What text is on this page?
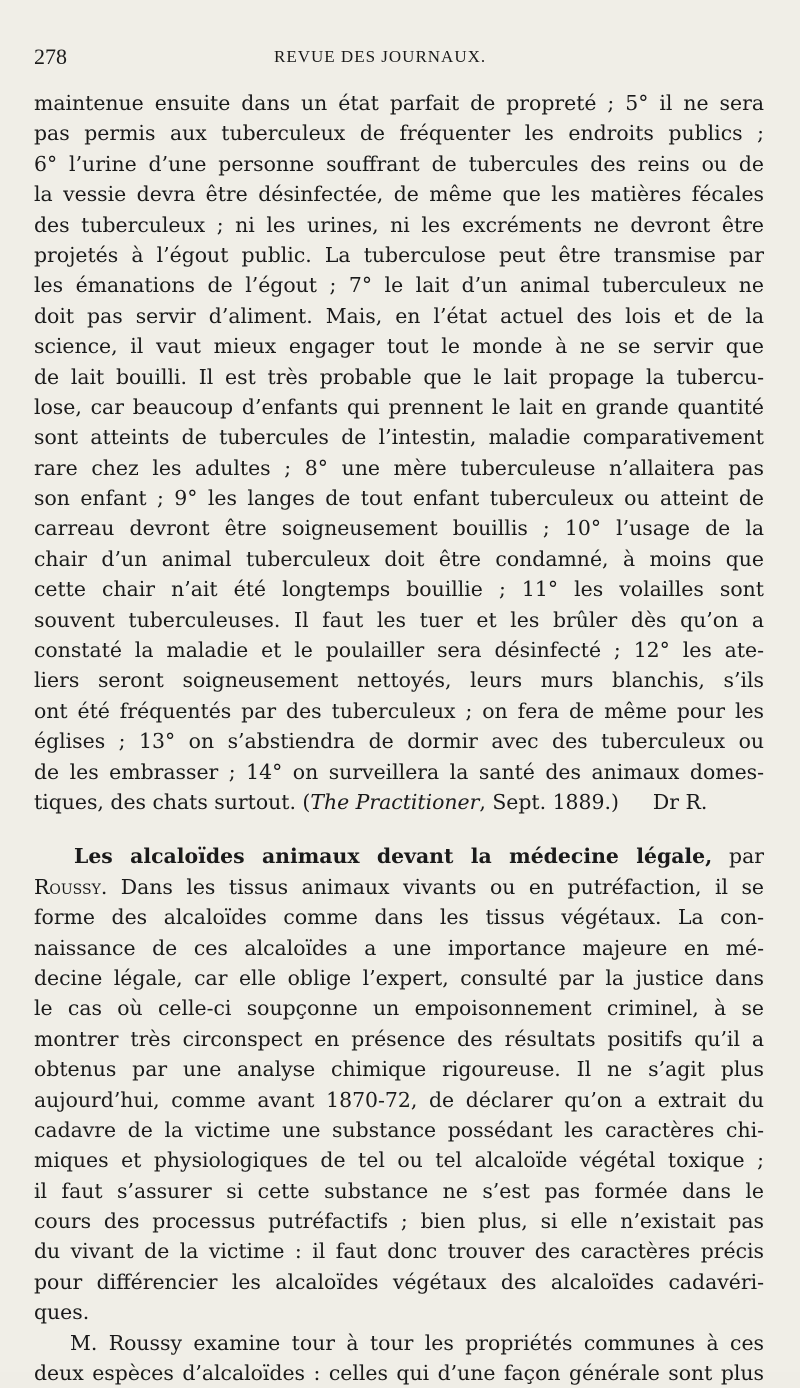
278	REVUE DES JOURNAUX.
maintenue ensuite dans un état parfait de propreté ; 5° il ne sera
pas permis aux tuberculeux de fréquenter les endroits publics ;
6° l’urine d’une personne souffrant de tubercules des reins ou de
la vessie devra être désinfectée, de même que les matières fécales
des tuberculeux ; ni les urines, ni les excréments ne devront être
projetés à l’égout public. La tuberculose peut être transmise par
les émanations de l’égout ; 7° le lait d’un animal tuberculeux ne
doit pas servir d’aliment. Mais, en l’état actuel des lois et de la
science, il vaut mieux engager tout le monde à ne se servir que
de lait bouilli. Il est très probable que le lait propage la tubercu-
lose, car beaucoup d’enfants qui prennent le lait en grande quantité
sont atteints de tubercules de l’intestin, maladie comparativement
rare chez les adultes ; 8° une mère tuberculeuse n’allaitera pas
son enfant ; 9° les langes de tout enfant tuberculeux ou atteint de
carreau devront être soigneusement bouillis ; 10° l’usage de la
chair d’un animal tuberculeux doit être condamné, à moins que
cette chair n’ait été longtemps bouillie ; 11° les volailles sont
souvent tuberculeuses. Il faut les tuer et les brûler dès qu’on a
constaté la maladie et le poulailler sera désinfecté ; 12° les ate-
liers seront soigneusement nettoyés, leurs murs blanchis, s’ils
ont été fréquentés par des tuberculeux ; on fera de même pour les
églises ; 13° on s’abstiendra de dormir avec des tuberculeux ou
de les embrasser ; 14° on surveillera la santé des animaux domes-
tiques, des chats surtout. (The Practitioner, Sept. 1889.) Dr R.
Les alcaloïdes animaux devant la médecine légale, par
Roussy. Dans les tissus animaux vivants ou en putréfaction, il se
forme des alcaloïdes comme dans les tissus végétaux. La con-
naissance de ces alcaloïdes a une importance majeure en mé-
decine légale, car elle oblige l’expert, consulté par la justice dans
le cas où celle-ci soupçonne un empoisonnement criminel, à se
montrer très circonspect en présence des résultats positifs qu’il a
obtenus par une analyse chimique rigoureuse. Il ne s’agit plus
aujourd’hui, comme avant 1870-72, de déclarer qu’on a extrait du
cadavre de la victime une substance possédant les caractères chi-
miques et physiologiques de tel ou tel alcaloïde végétal toxique ;
il faut s’assurer si cette substance ne s’est pas formée dans le
cours des processus putréfactifs ; bien plus, si elle n’existait pas
du vivant de la victime : il faut donc trouver des caractères précis
pour différencier les alcaloïdes végétaux des alcaloïdes cadavéri-
ques.
M. Roussy examine tour à tour les propriétés communes à ces
deux espèces d’alcaloïdes : celles qui d’une façon générale sont plus
